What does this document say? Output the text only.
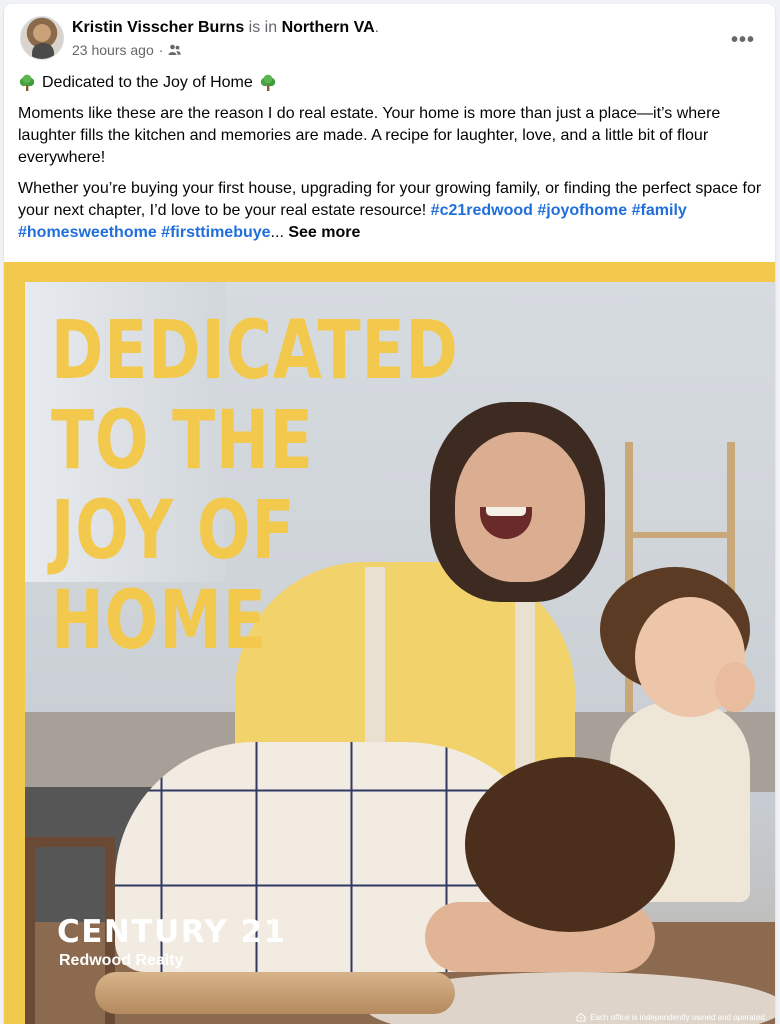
Kristin Visscher Burns is in Northern VA.
23 hours ago ·	•••
Dedicated to the Joy of Home

Moments like these are the reason I do real estate. Your home is more than just a place—it’s where laughter fills the kitchen and memories are made. A recipe for laughter, love, and a little bit of flour everywhere!

Whether you’re buying your first house, upgrading for your growing family, or finding the perfect space for your next chapter, I’d love to be your real estate resource! #c21redwood #joyofhome #family #homesweethome #firsttimebuye... See more

DEDICATED
TO THE
JOY OF
HOME
CENTURY 21
Redwood Realty
Each office is independently owned and operated.
